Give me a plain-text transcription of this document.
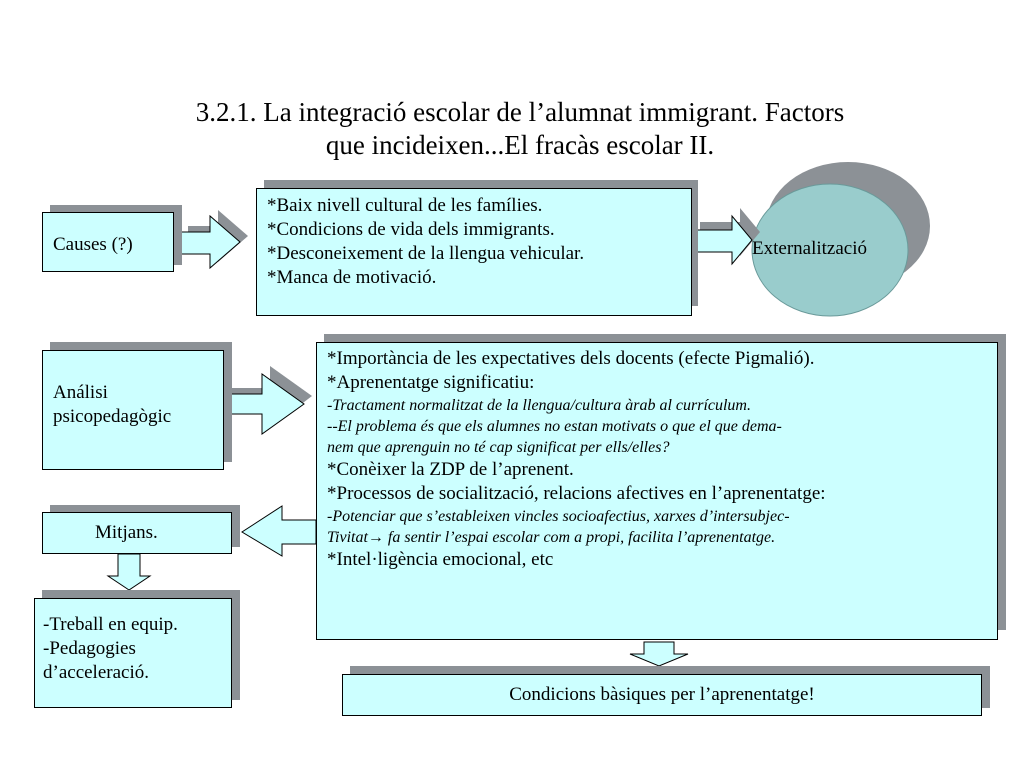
3.2.1. La integració escolar de l’alumnat immigrant. Factors
que incideixen...El fracàs escolar II.
Externalització
Causes (?)
*Baix nivell cultural de les famílies.
*Condicions de vida dels immigrants.
*Desconeixement de la llengua vehicular.
*Manca de motivació.
Análisi
psicopedagògic
*Importància de les expectatives dels docents (efecte Pigmalió).
*Aprenentatge significatiu:
-Tractament normalitzat de la llengua/cultura àrab al currículum.
--El problema és que els alumnes no estan motivats o que el que dema-
nem que aprenguin no té cap significat per ells/elles?
*Conèixer la ZDP de l’aprenent.
*Processos de socialització, relacions afectives en l’aprenentatge:
-Potenciar que s’estableixen vincles socioafectius, xarxes d’intersubjec-
Tivitat→ fa sentir l’espai escolar com a propi, facilita l’aprenentatge.
*Intel·ligència emocional, etc
Mitjans.
-Treball en equip.
-Pedagogies
d’acceleració.
Condicions bàsiques per l’aprenentatge!
